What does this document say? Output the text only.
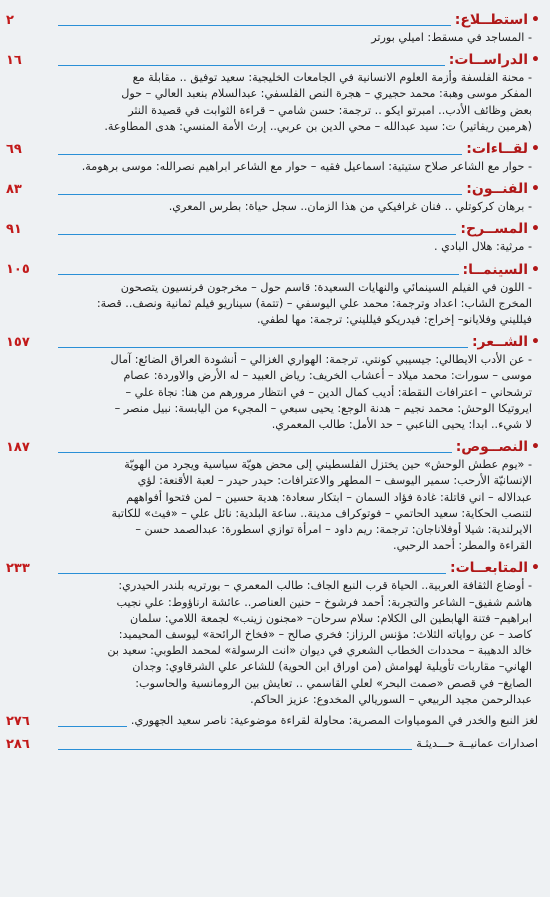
• استطــلاع:
٢

- المساجد في مسقط: اميلي بورتر

• الدراســات:
١٦

- محنة الفلسفة وأزمة العلوم الانسانية في الجامعات الخليجية: سعيد توفيق .. مقابلة مع

المفكر موسى وهبة: محمد حجيري – هجرة النص الفلسفي: عبدالسلام بنعبد العالي – حول

بعض وظائف الأدب.. امبرتو ايكو .. ترجمة: حسن شامي – قراءة الثوابت في قصيدة النثر

(هرمين ريفاتير) ت: سيد عبدالله – محي الدين بن عربي.. إرث الأمة المنسي: هدى المطاوعة.

• لقــاءات:
٦٩

- حوار مع الشاعر صلاح ستيتية: اسماعيل فقيه – حوار مع الشاعر ابراهيم نصرالله: موسى برهومة.

• الفنــون:
٨٣

- برهان كركوتلي .. فنان غرافيكي من هذا الزمان.. سجل حياة: بطرس المعري.

• المســرح:
٩١

- مرثية: هلال البادي .

• السينمــا:
١٠٥

- اللون في الفيلم السينمائي والنهايات السعيدة: قاسم حول – مخرجون فرنسيون يتصحون

المخرج الشاب: اعداد وترجمة: محمد علي اليوسفي – (تتمة) سيناريو فيلم ثمانية ونصف.. قصة:

فيلليني وفلايانو– إخراج: فيدريكو فيلليني: ترجمة: مها لطفي.

• الشــعر:
١٥٧

- عن الأدب الايطالي: جيسيبي كونتي. ترجمة: الهواري الغزالي – أنشودة العراق الضائع: آمال

موسى – سورات: محمد ميلاد – أعشاب الخريف: رياض العبيد – له الأرض والاوردة: عصام

ترشحاني – اعترافات النقطة: أديب كمال الدين – في انتظار مرورهم من هنا: نجاة علي –

ايروتيكا الوحش: محمد نجيم – هدنة الوجع: يحيى سبعي – المجيء من اليابسة: نبيل منصر –

لا شيء.. ابدا: يحيى الناعبي – حد الأمل: طالب المعمري.

• النصــوص:
١٨٧

- «يوم عطش الوحش» حين يختزل الفلسطيني إلى محض هويّة سياسية ويجرد من الهويّة

الإنسانيّة الأرحب: سمير اليوسف – المطهر والاعترافات: حيدر حيدر – لعبة الأقنعة: لؤي

عبدالاله – اني قاتلة: غادة فؤاد السمان – ابتكار سعادة: هدية حسين – لمن فتحوا أفواههم

لتنصب الحكاية: سعيد الحاتمي – فوتوكراف مدينة.. ساعة البلدية: نائل علي – «فيث» للكاتبة

الايرلندية: شيلا أوفلاناجان: ترجمة: ريم داود – امرأة توازي اسطورة: عبدالصمد حسن –

القراءة والمطر: أحمد الرحبي.

• المتابعــات:
٢٣٣

- أوضاع الثقافة العربية.. الحياة قرب النبع الجاف: طالب المعمري – بورتريه بلندر الحيدري:

هاشم شفيق– الشاعر والتجربة: أحمد فرشوخ – حنين العناصر.. عائشة ارناؤوط: علي نجيب

ابراهيم– فتنة الهابطين الى الكلام: سلام سرحان– «مجنون زينب» لجمعة اللامي: سلمان

كاصد – عن رواياته الثلاث: مؤنس الرزاز: فخري صالح – «فخاخ الرائحة» ليوسف المحيميد:

خالد الدهيبة – محددات الخطاب الشعري في ديوان «انت الرسولة» لمحمد الطوبي: سعيد بن

الهاني– مقاربات تأويلية لهوامش (من اوراق ابن الحوية) للشاعر علي الشرقاوي: وجدان

الصايغ– في قصص «صمت البحر» لعلي القاسمي .. تعايش بين الرومانسية والحاسوب:

عبدالرحمن مجيد الربيعي – السوريالي المخدوع: عزيز الحاكم.

لغز النبع والخدر في المومياوات المصرية: محاولة لقراءة موضوعية: ناصر سعيد الجهوري.
٢٧٦
اصدارات عمانيــة حـــديثـة
٢٨٦
